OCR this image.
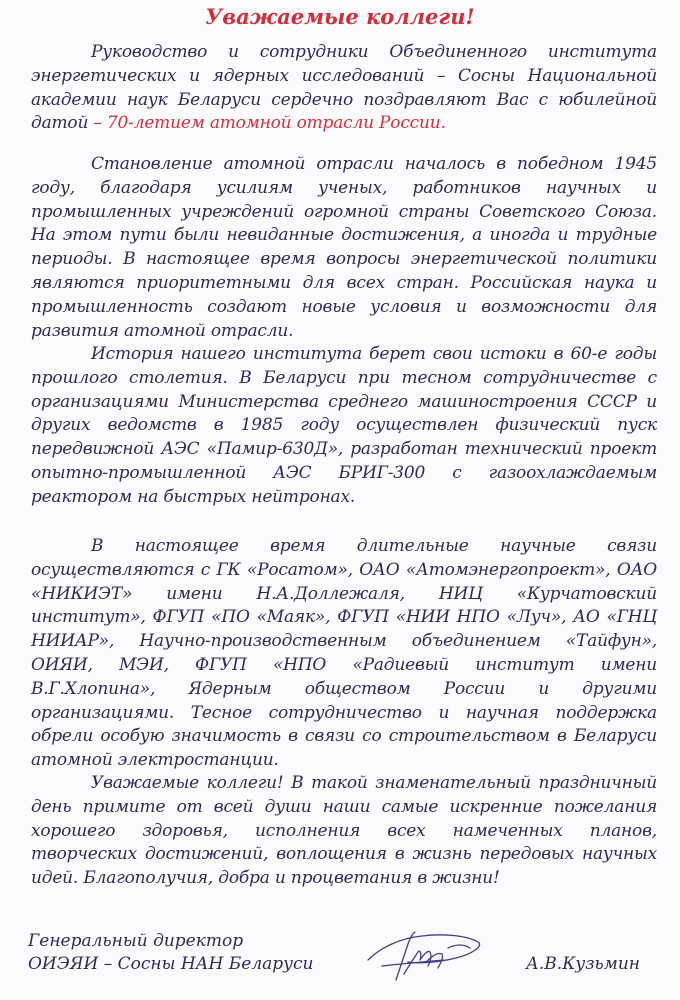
Уважаемые коллеги!

Руководство и сотрудники Объединенного института энергетических и ядерных исследований – Сосны Национальной академии наук Беларуси сердечно поздравляют Вас с юбилейной датой – 70-летием атомной отрасли России.

Становление атомной отрасли началось в победном 1945 году, благодаря усилиям ученых, работников научных и промышленных учреждений огромной страны Советского Союза. На этом пути были невиданные достижения, а иногда и трудные периоды. В настоящее время вопросы энергетической политики являются приоритетными для всех стран. Российская наука и промышленность создают новые условия и возможности для развития атомной отрасли.

История нашего института берет свои истоки в 60-е годы прошлого столетия. В Беларуси при тесном сотрудничестве с организациями Министерства среднего машиностроения СССР и других ведомств в 1985 году осуществлен физический пуск передвижной АЭС «Памир-630Д», разработан технический проект опытно-промышленной АЭС БРИГ-300 с газоохлаждаемым реактором на быстрых нейтронах.

В настоящее время длительные научные связи осуществляются с ГК «Росатом», ОАО «Атомэнергопроект», ОАО «НИКИЭТ» имени Н.А.Доллежаля, НИЦ «Курчатовский институт», ФГУП «ПО «Маяк», ФГУП «НИИ НПО «Луч», АО «ГНЦ НИИАР», Научно-производственным объединением «Тайфун», ОИЯИ, МЭИ, ФГУП «НПО «Радиевый институт имени В.Г.Хлопина», Ядерным обществом России и другими организациями. Тесное сотрудничество и научная поддержка обрели особую значимость в связи со строительством в Беларуси атомной электростанции.

Уважаемые коллеги! В такой знаменательный праздничный день примите от всей души наши самые искренние пожелания хорошего здоровья, исполнения всех намеченных планов, творческих достижений, воплощения в жизнь передовых научных идей. Благополучия, добра и процветания в жизни!

Генеральный директор
ОИЭЯИ – Сосны НАН Беларуси	А.В.Кузьмин
